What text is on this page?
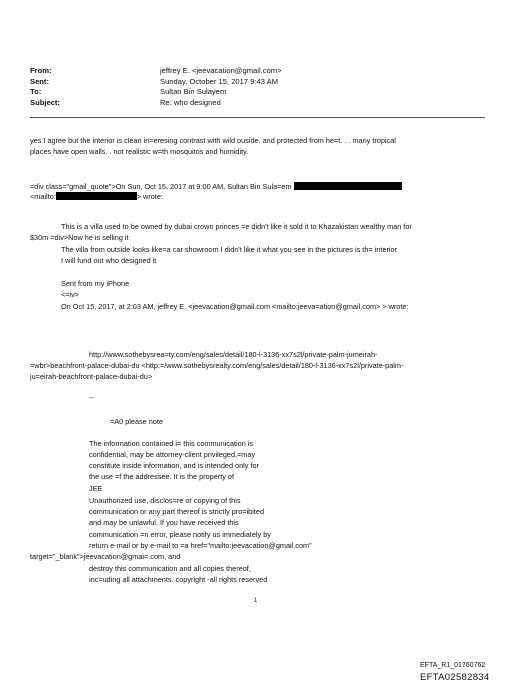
From:	jeffrey E. <jeevacation@gmail.com>
Sent:	Sunday, October 15, 2017 9:43 AM
To:	Sultan Bin Sulayem
Subject:	Re: who designed
yes I agree but the interior is clean in=eresing contrast with wild ouside. and protected from he=t. . . many tropical
places have open walls. . not realistic w=th mosquitos and humidity.
=div class="gmail_quote">On Sun, Oct 15, 2017 at 9:00 AM, Sultan Bin Sula=em
<mailto:	> wrote:
This is a villa used to be owned by dubai crown princes =e didn't like it sold it to Khazakistan wealthy man for
$30m =div>Now he is selling it
The villa from outside looks like=a car showroom I didn't like it what you see in the pictures is th= interior
I will fund out who designed it
Sent from my iPhone
<=iv>
On Oct 15, 2017, at 2:03 AM, jeffrey E. <jeevacation@gmail.com <mailto:jeeva=ation@gmail.com> > wrote:
http://www.sothebysrea=ty.com/eng/sales/detail/180-l-3136-xx7s2l/private-palm-jumeirah-
=wbr>beachfront-palace-dubai-du <http:=/www.sothebysrealty.com/eng/sales/detail/180-l-3136-xx7s2l/private-palm-
ju=eirah-beachfront-palace-dubai-du>
--
=A0 please note
The information contained i= this communication is
confidential, may be attorney-client privileged,=may
constitute inside information, and is intended only for
the use =f the addressee. It is the property of
JEE
Unauthorized use, disclos=re or copying of this
communication or any part thereof is strictly pro=ibited
and may be unlawful. If you have received this
communication =n error, please notify us immediately by
return e-mail or by e-mail to =a href="mailto:jeevacation@gmail.com"
target="_blank">jeevacation@gmai=.com, and
destroy this communication and all copies thereof,
inc=uding all attachments. copyright -all rights reserved
1
EFTA_R1_01760762
EFTA02582834
